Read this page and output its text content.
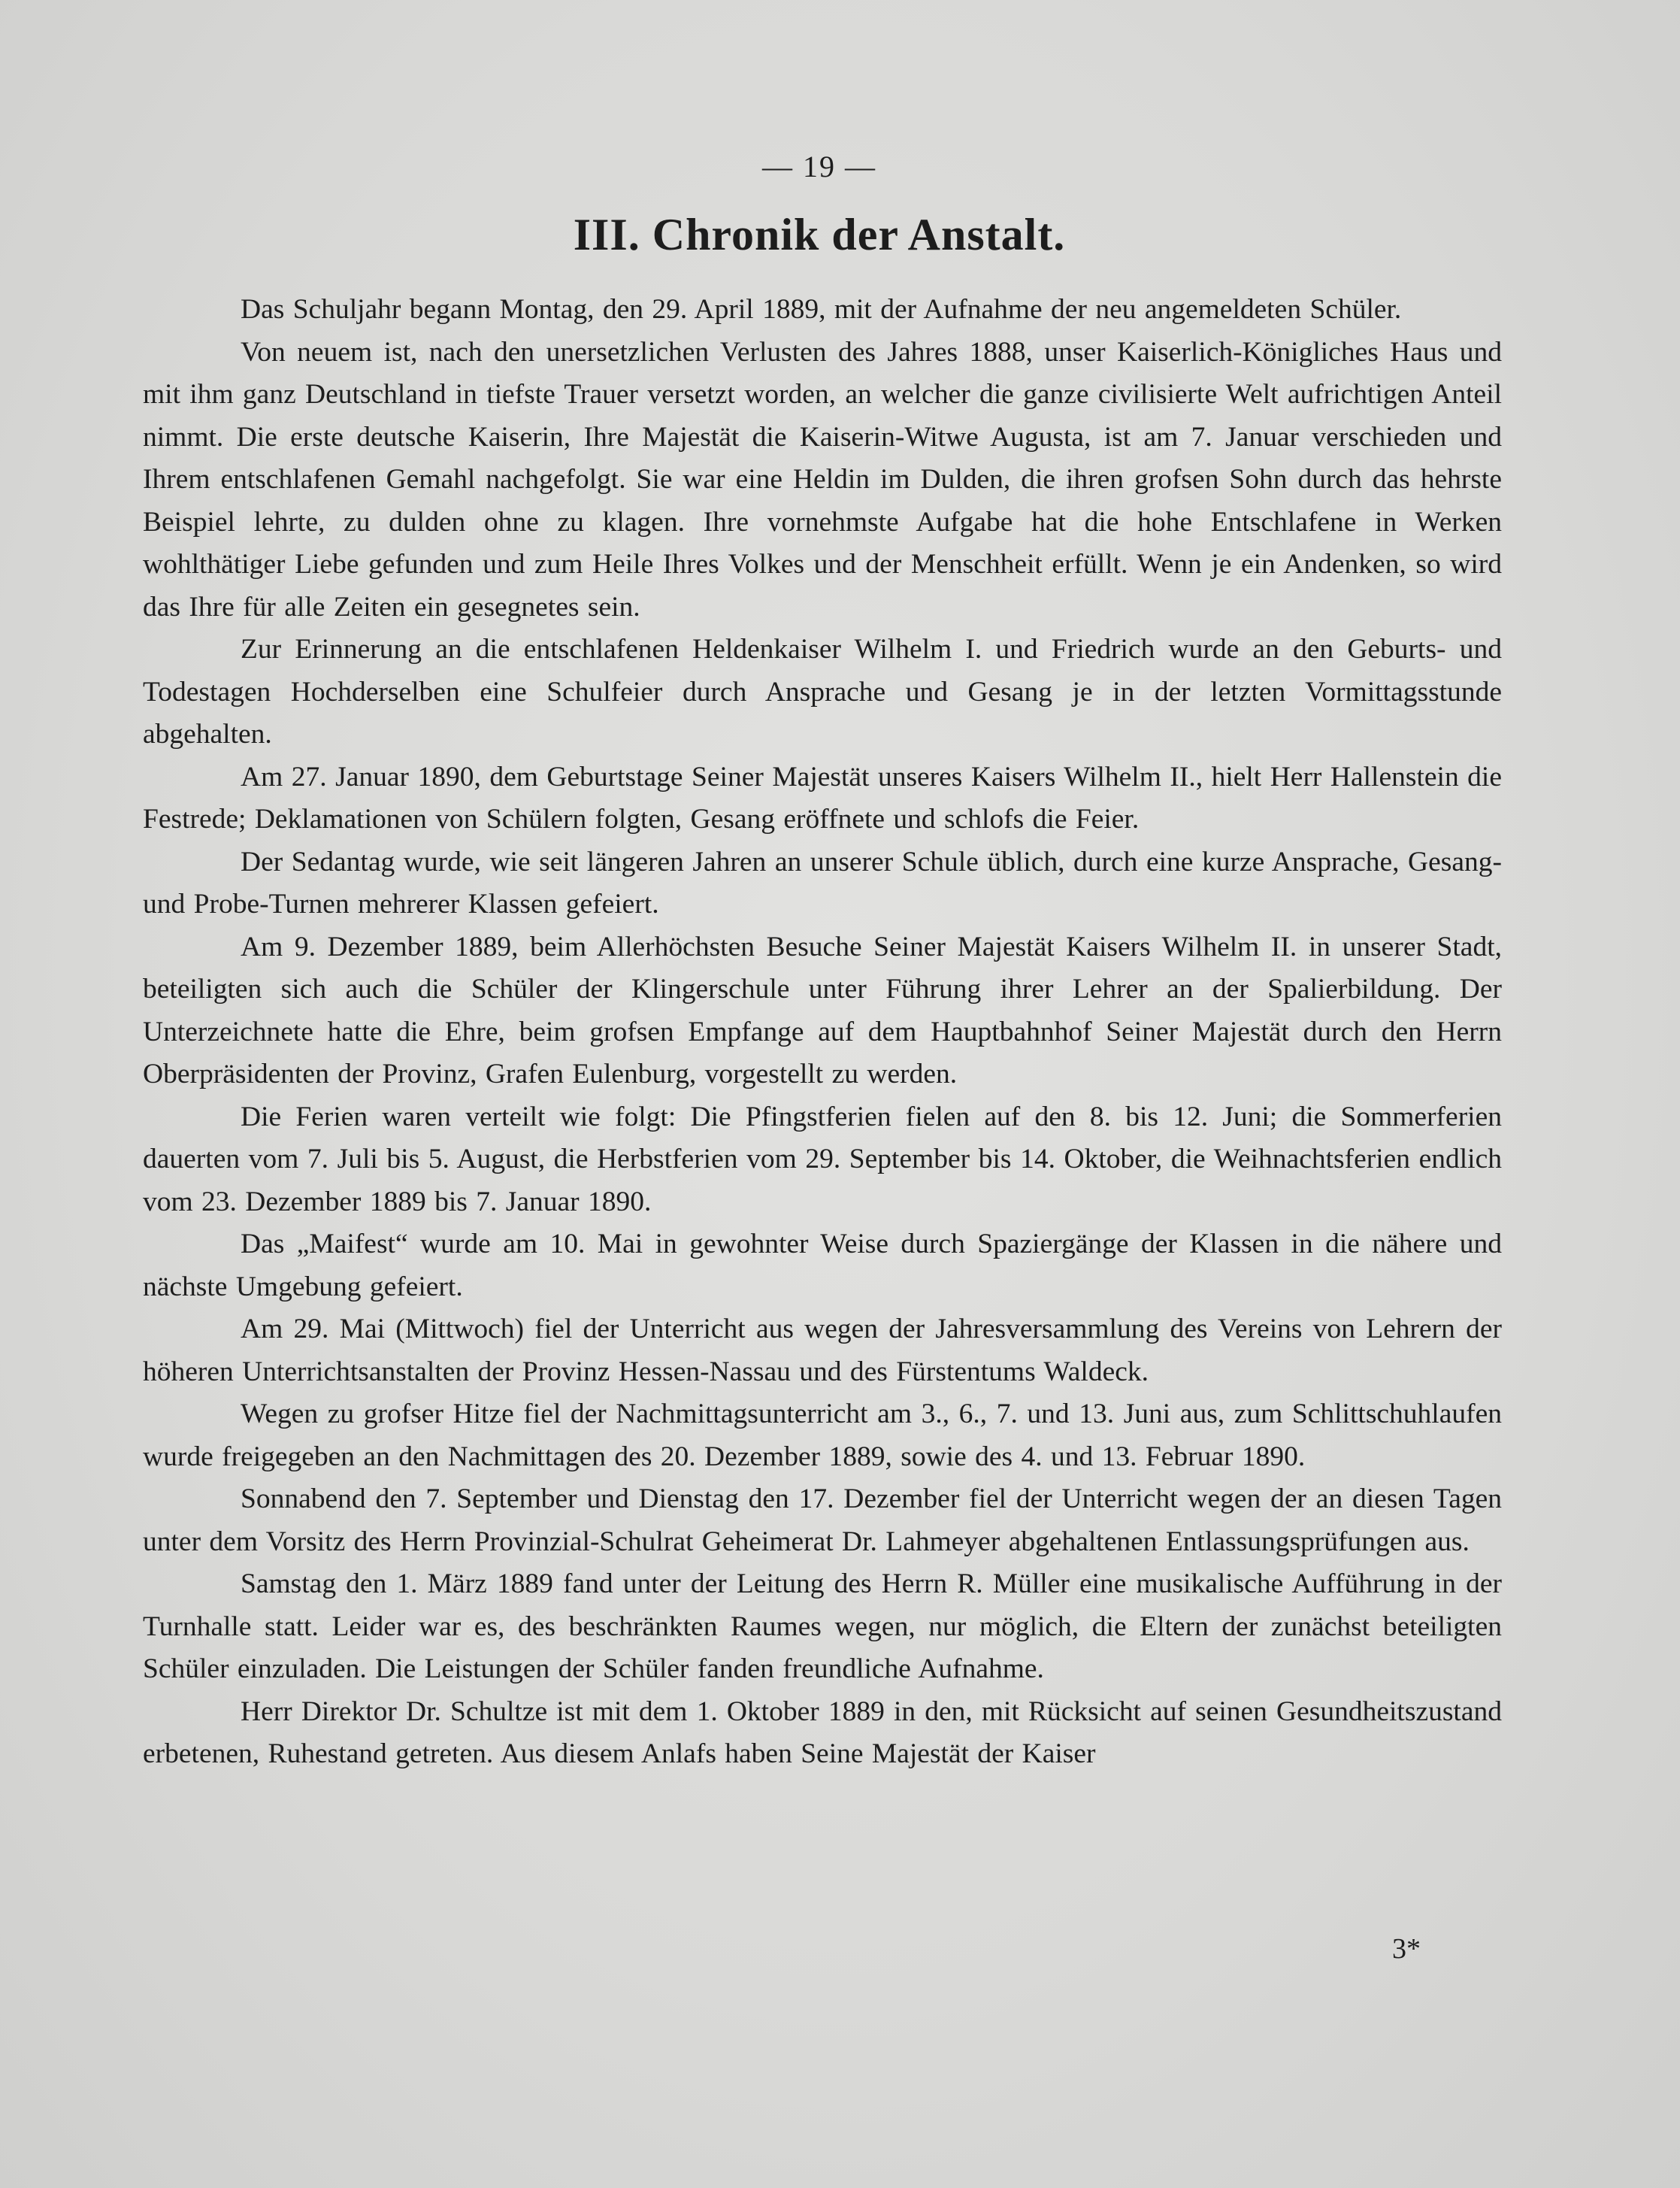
— 19 —
III. Chronik der Anstalt.

Das Schuljahr begann Montag, den 29. April 1889, mit der Aufnahme der neu angemeldeten Schüler.

Von neuem ist, nach den unersetzlichen Verlusten des Jahres 1888, unser Kaiserlich-Königliches Haus und mit ihm ganz Deutschland in tiefste Trauer versetzt worden, an welcher die ganze civilisierte Welt aufrichtigen Anteil nimmt. Die erste deutsche Kaiserin, Ihre Majestät die Kaiserin-Witwe Augusta, ist am 7. Januar verschieden und Ihrem entschlafenen Gemahl nachgefolgt. Sie war eine Heldin im Dulden, die ihren grofsen Sohn durch das hehrste Beispiel lehrte, zu dulden ohne zu klagen. Ihre vornehmste Aufgabe hat die hohe Entschlafene in Werken wohlthätiger Liebe gefunden und zum Heile Ihres Volkes und der Menschheit erfüllt. Wenn je ein Andenken, so wird das Ihre für alle Zeiten ein gesegnetes sein.

Zur Erinnerung an die entschlafenen Heldenkaiser Wilhelm I. und Friedrich wurde an den Geburts- und Todestagen Hochderselben eine Schulfeier durch Ansprache und Gesang je in der letzten Vormittagsstunde abgehalten.

Am 27. Januar 1890, dem Geburtstage Seiner Majestät unseres Kaisers Wilhelm II., hielt Herr Hallenstein die Festrede; Deklamationen von Schülern folgten, Gesang eröffnete und schlofs die Feier.

Der Sedantag wurde, wie seit längeren Jahren an unserer Schule üblich, durch eine kurze Ansprache, Gesang- und Probe-Turnen mehrerer Klassen gefeiert.

Am 9. Dezember 1889, beim Allerhöchsten Besuche Seiner Majestät Kaisers Wilhelm II. in unserer Stadt, beteiligten sich auch die Schüler der Klingerschule unter Führung ihrer Lehrer an der Spalierbildung. Der Unterzeichnete hatte die Ehre, beim grofsen Empfange auf dem Hauptbahnhof Seiner Majestät durch den Herrn Oberpräsidenten der Provinz, Grafen Eulenburg, vorgestellt zu werden.

Die Ferien waren verteilt wie folgt: Die Pfingstferien fielen auf den 8. bis 12. Juni; die Sommerferien dauerten vom 7. Juli bis 5. August, die Herbstferien vom 29. September bis 14. Oktober, die Weihnachtsferien endlich vom 23. Dezember 1889 bis 7. Januar 1890.

Das „Maifest“ wurde am 10. Mai in gewohnter Weise durch Spaziergänge der Klassen in die nähere und nächste Umgebung gefeiert.

Am 29. Mai (Mittwoch) fiel der Unterricht aus wegen der Jahresversammlung des Vereins von Lehrern der höheren Unterrichtsanstalten der Provinz Hessen-Nassau und des Fürstentums Waldeck.

Wegen zu grofser Hitze fiel der Nachmittagsunterricht am 3., 6., 7. und 13. Juni aus, zum Schlittschuhlaufen wurde freigegeben an den Nachmittagen des 20. Dezember 1889, sowie des 4. und 13. Februar 1890.

Sonnabend den 7. September und Dienstag den 17. Dezember fiel der Unterricht wegen der an diesen Tagen unter dem Vorsitz des Herrn Provinzial-Schulrat Geheimerat Dr. Lahmeyer abgehaltenen Entlassungsprüfungen aus.

Samstag den 1. März 1889 fand unter der Leitung des Herrn R. Müller eine musikalische Aufführung in der Turnhalle statt. Leider war es, des beschränkten Raumes wegen, nur möglich, die Eltern der zunächst beteiligten Schüler einzuladen. Die Leistungen der Schüler fanden freundliche Aufnahme.

Herr Direktor Dr. Schultze ist mit dem 1. Oktober 1889 in den, mit Rücksicht auf seinen Gesundheitszustand erbetenen, Ruhestand getreten. Aus diesem Anlafs haben Seine Majestät der Kaiser

3*
